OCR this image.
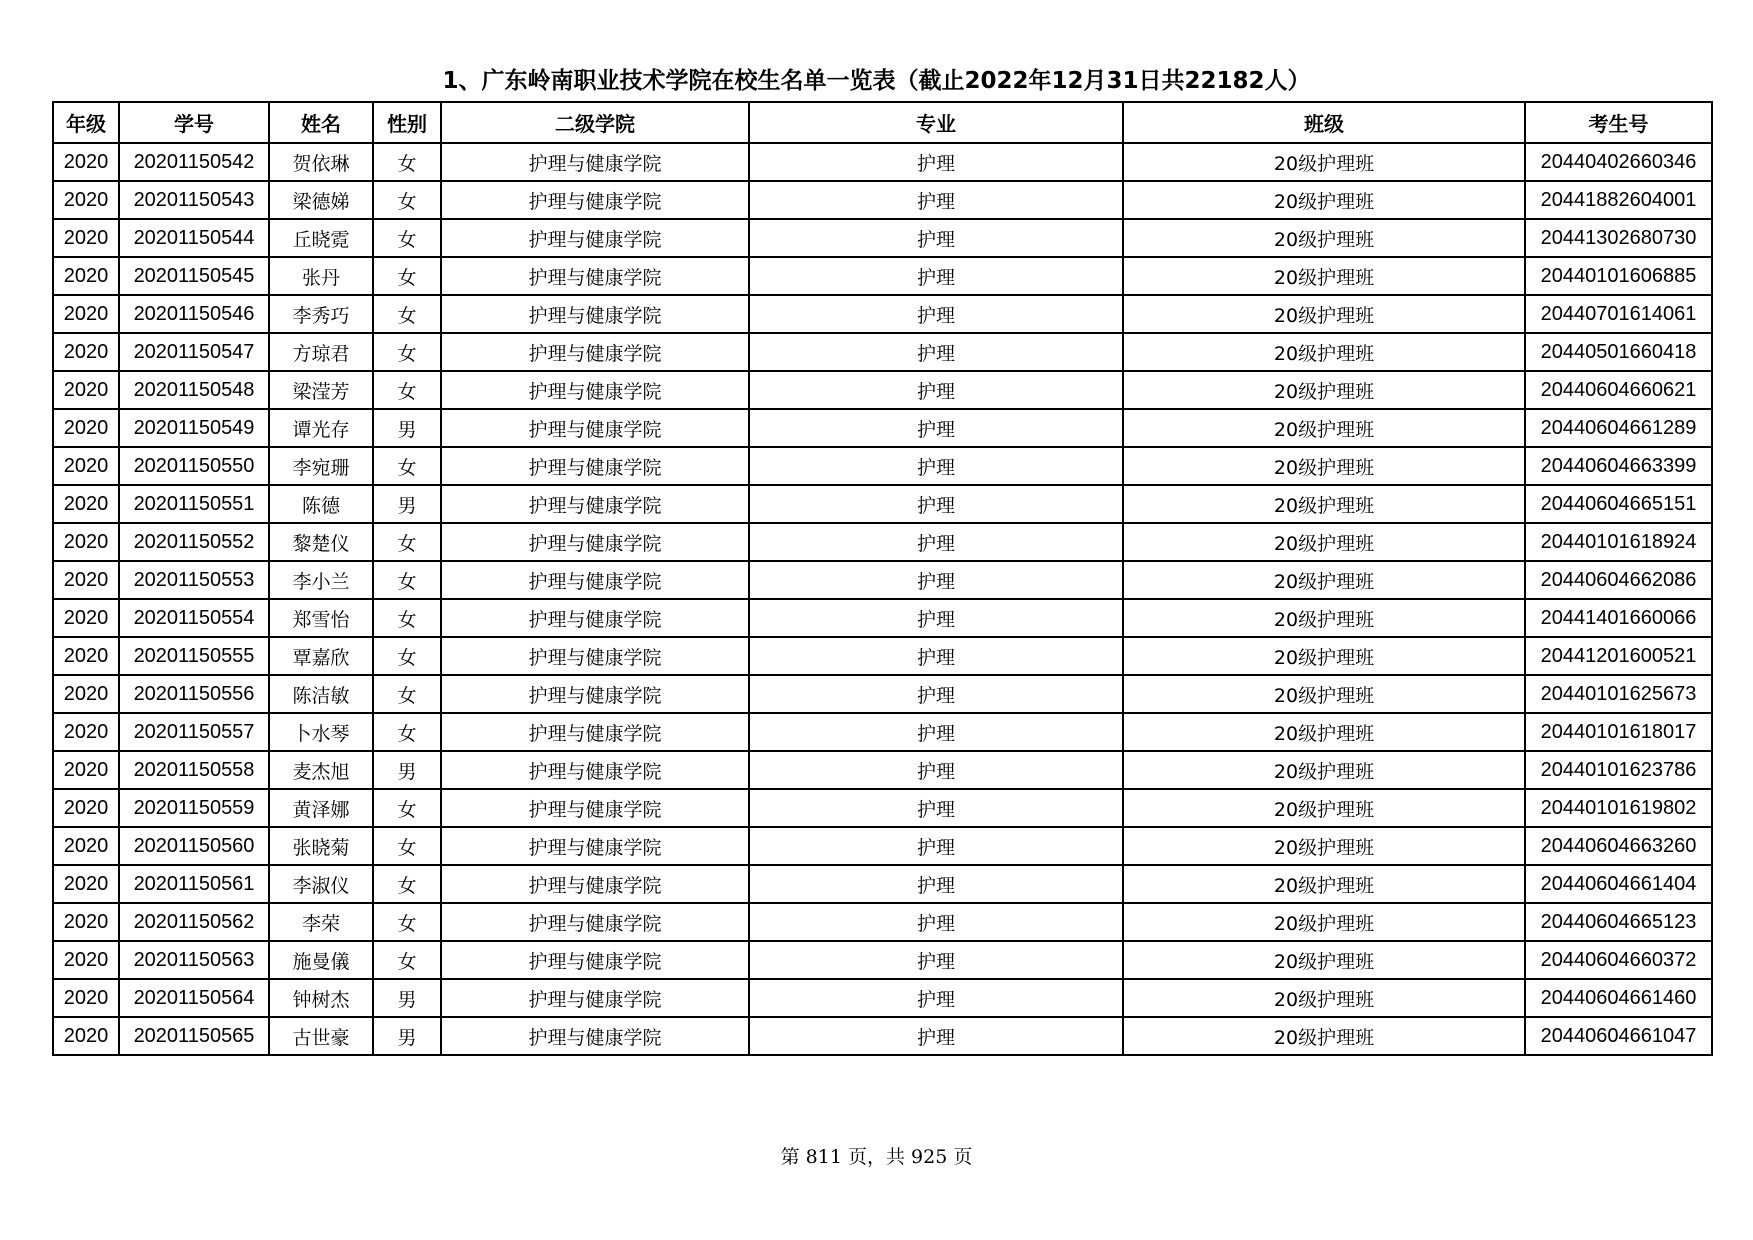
1、广东岭南职业技术学院在校生名单一览表（截止2022年12月31日共22182人）
年级	学号	姓名	性别	二级学院	专业	班级	考生号
2020	20201150542	贺依琳	女	护理与健康学院	护理	20级护理班	20440402660346
2020	20201150543	梁德娣	女	护理与健康学院	护理	20级护理班	20441882604001
2020	20201150544	丘晓霓	女	护理与健康学院	护理	20级护理班	20441302680730
2020	20201150545	张丹	女	护理与健康学院	护理	20级护理班	20440101606885
2020	20201150546	李秀巧	女	护理与健康学院	护理	20级护理班	20440701614061
2020	20201150547	方琼君	女	护理与健康学院	护理	20级护理班	20440501660418
2020	20201150548	梁滢芳	女	护理与健康学院	护理	20级护理班	20440604660621
2020	20201150549	谭光存	男	护理与健康学院	护理	20级护理班	20440604661289
2020	20201150550	李宛珊	女	护理与健康学院	护理	20级护理班	20440604663399
2020	20201150551	陈德	男	护理与健康学院	护理	20级护理班	20440604665151
2020	20201150552	黎楚仪	女	护理与健康学院	护理	20级护理班	20440101618924
2020	20201150553	李小兰	女	护理与健康学院	护理	20级护理班	20440604662086
2020	20201150554	郑雪怡	女	护理与健康学院	护理	20级护理班	20441401660066
2020	20201150555	覃嘉欣	女	护理与健康学院	护理	20级护理班	20441201600521
2020	20201150556	陈洁敏	女	护理与健康学院	护理	20级护理班	20440101625673
2020	20201150557	卜水琴	女	护理与健康学院	护理	20级护理班	20440101618017
2020	20201150558	麦杰旭	男	护理与健康学院	护理	20级护理班	20440101623786
2020	20201150559	黄泽娜	女	护理与健康学院	护理	20级护理班	20440101619802
2020	20201150560	张晓菊	女	护理与健康学院	护理	20级护理班	20440604663260
2020	20201150561	李淑仪	女	护理与健康学院	护理	20级护理班	20440604661404
2020	20201150562	李荣	女	护理与健康学院	护理	20级护理班	20440604665123
2020	20201150563	施曼儀	女	护理与健康学院	护理	20级护理班	20440604660372
2020	20201150564	钟树杰	男	护理与健康学院	护理	20级护理班	20440604661460
2020	20201150565	古世豪	男	护理与健康学院	护理	20级护理班	20440604661047
第 811 页，共 925 页
